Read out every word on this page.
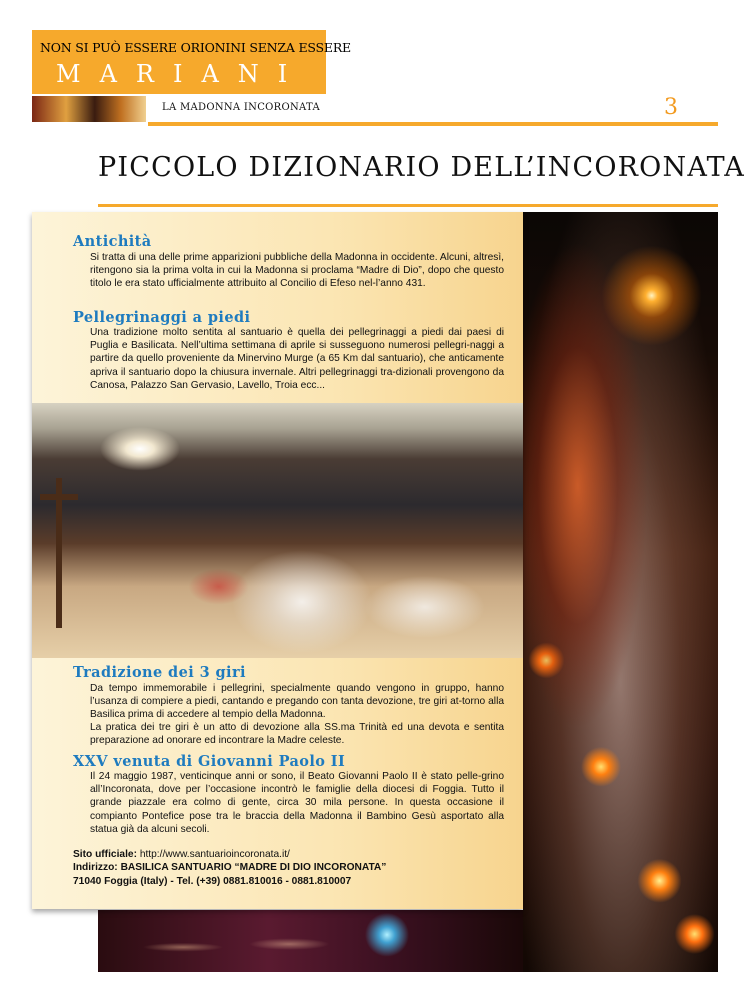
NON SI PUÒ ESSERE ORIONINI SENZA ESSERE
MARIANI
LA MADONNA INCORONATA	3
PICCOLO DIZIONARIO DELL’INCORONATA
Antichità

Si tratta di una delle prime apparizioni pubbliche della Madonna in occidente. Alcuni, altresì, ritengono sia la prima volta in cui la Madonna si proclama “Madre di Dio”, dopo che questo titolo le era stato ufficialmente attribuito al Concilio di Efeso nel-l’anno 431.

Pellegrinaggi a piedi

Una tradizione molto sentita al santuario è quella dei pellegrinaggi a piedi dai paesi di Puglia e Basilicata. Nell’ultima settimana di aprile si susseguono numerosi pellegri-naggi a partire da quello proveniente da Minervino Murge (a 65 Km dal santuario), che anticamente apriva il santuario dopo la chiusura invernale. Altri pellegrinaggi tra-dizionali provengono da Canosa, Palazzo San Gervasio, Lavello, Troia ecc...

Tradizione dei 3 giri

Da tempo immemorabile i pellegrini, specialmente quando vengono in gruppo, hanno l’usanza di compiere a piedi, cantando e pregando con tanta devozione, tre giri at-torno alla Basilica prima di accedere al tempio della Madonna.

La pratica dei tre giri è un atto di devozione alla SS.ma Trinità ed una devota e sentita preparazione ad onorare ed incontrare la Madre celeste.

XXV venuta di Giovanni Paolo II

Il 24 maggio 1987, venticinque anni or sono, il Beato Giovanni Paolo II è stato pelle-grino all’Incoronata, dove per l’occasione incontrò le famiglie della diocesi di Foggia. Tutto il grande piazzale era colmo di gente, circa 30 mila persone. In questa occasione il compianto Pontefice pose tra le braccia della Madonna il Bambino Gesù asportato alla statua già da alcuni secoli.

Sito ufficiale: http://www.santuarioincoronata.it/
Indirizzo: BASILICA SANTUARIO “MADRE DI DIO INCORONATA”
71040 Foggia (Italy) - Tel. (+39) 0881.810016 - 0881.810007
